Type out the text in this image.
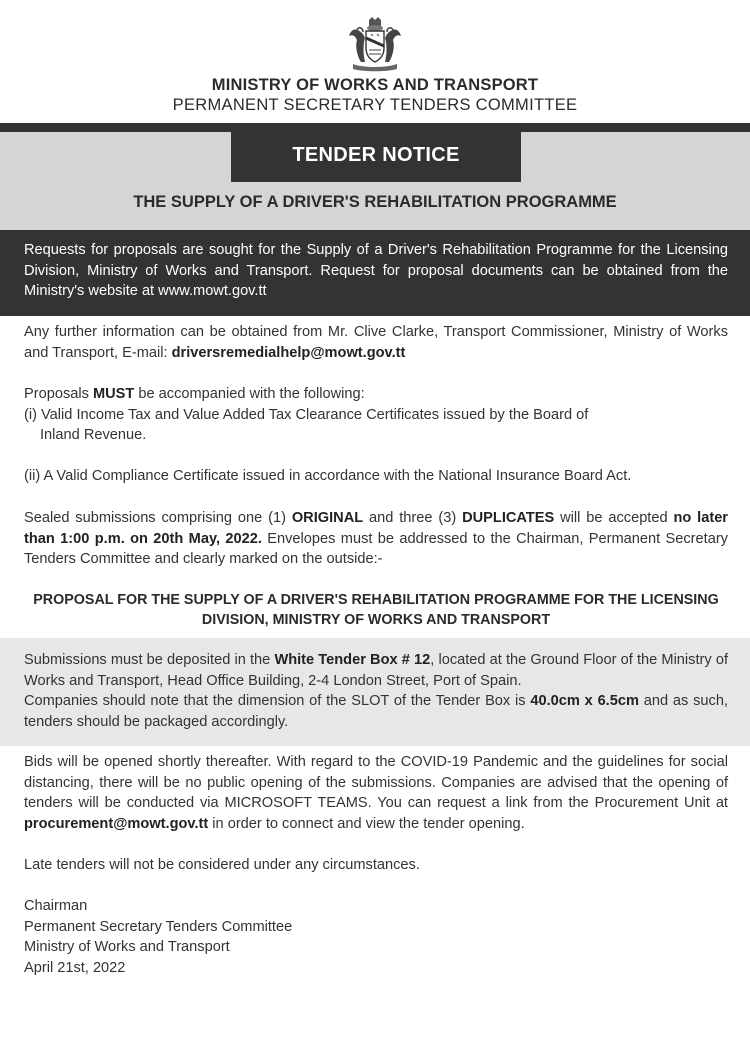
MINISTRY OF WORKS AND TRANSPORT
PERMANENT SECRETARY TENDERS COMMITTEE
TENDER NOTICE
THE SUPPLY OF A DRIVER'S REHABILITATION PROGRAMME
Requests for proposals are sought for the Supply of a Driver's Rehabilitation Programme for the Licensing Division, Ministry of Works and Transport. Request for proposal documents can be obtained from the Ministry's website at www.mowt.gov.tt
Any further information can be obtained from Mr. Clive Clarke, Transport Commissioner, Ministry of Works and Transport, E-mail: driversremedialhelp@mowt.gov.tt
Proposals MUST be accompanied with the following:
(i) Valid Income Tax and Value Added Tax Clearance Certificates issued by the Board of

Inland Revenue.
(ii) A Valid Compliance Certificate issued in accordance with the National Insurance Board Act.
Sealed submissions comprising one (1) ORIGINAL and three (3) DUPLICATES will be accepted no later than 1:00 p.m. on 20th May, 2022. Envelopes must be addressed to the Chairman, Permanent Secretary Tenders Committee and clearly marked on the outside:-
PROPOSAL FOR THE SUPPLY OF A DRIVER'S REHABILITATION PROGRAMME FOR THE LICENSING
DIVISION, MINISTRY OF WORKS AND TRANSPORT
Submissions must be deposited in the White Tender Box # 12, located at the Ground Floor of the Ministry of Works and Transport, Head Office Building, 2-4 London Street, Port of Spain.
Companies should note that the dimension of the SLOT of the Tender Box is 40.0cm x 6.5cm and as such, tenders should be packaged accordingly.
Bids will be opened shortly thereafter. With regard to the COVID-19 Pandemic and the guidelines for social distancing, there will be no public opening of the submissions. Companies are advised that the opening of tenders will be conducted via MICROSOFT TEAMS. You can request a link from the Procurement Unit at procurement@mowt.gov.tt in order to connect and view the tender opening.
Late tenders will not be considered under any circumstances.
Chairman
Permanent Secretary Tenders Committee
Ministry of Works and Transport
April 21st, 2022
